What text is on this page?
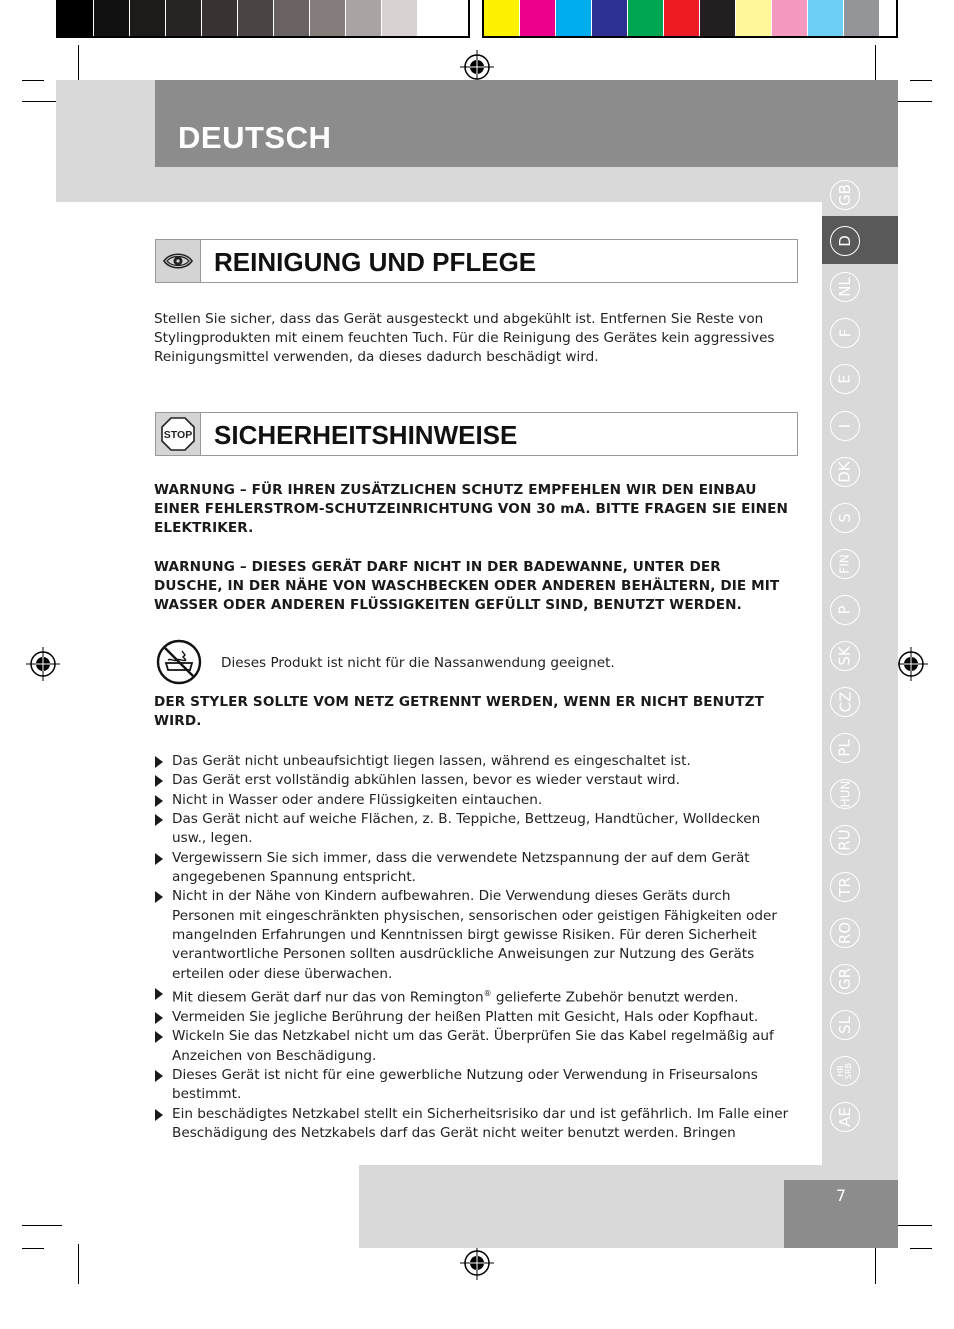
DEUTSCH
GB
D
NL
F
E
I
DK
S
FIN
P
SK
CZ
PL
HUN
RU
TR
RO
GR
SL
HR SRB
AE
7
REINIGUNG UND PFLEGE
Stellen Sie sicher, dass das Gerät ausgesteckt und abgekühlt ist. Entfernen Sie Reste von Stylingprodukten mit einem feuchten Tuch. Für die Reinigung des Gerätes kein aggressives Reinigungsmittel verwenden, da dieses dadurch beschädigt wird.
STOP SICHERHEITSHINWEISE
WARNUNG – FÜR IHREN ZUSÄTZLICHEN SCHUTZ EMPFEHLEN WIR DEN EINBAU EINER FEHLERSTROM-SCHUTZEINRICHTUNG VON 30 mA. BITTE FRAGEN SIE EINEN ELEKTRIKER.
WARNUNG – DIESES GERÄT DARF NICHT IN DER BADEWANNE, UNTER DER DUSCHE, IN DER NÄHE VON WASCHBECKEN ODER ANDEREN BEHÄLTERN, DIE MIT WASSER ODER ANDEREN FLÜSSIGKEITEN GEFÜLLT SIND, BENUTZT WERDEN.
Dieses Produkt ist nicht für die Nassanwendung geeignet.
DER STYLER SOLLTE VOM NETZ GETRENNT WERDEN, WENN ER NICHT BENUTZT WIRD.
Das Gerät nicht unbeaufsichtigt liegen lassen, während es eingeschaltet ist.
Das Gerät erst vollständig abkühlen lassen, bevor es wieder verstaut wird.
Nicht in Wasser oder andere Flüssigkeiten eintauchen.
Das Gerät nicht auf weiche Flächen, z. B. Teppiche, Bettzeug, Handtücher, Wolldecken usw., legen.
Vergewissern Sie sich immer, dass die verwendete Netzspannung der auf dem Gerät angegebenen Spannung entspricht.
Nicht in der Nähe von Kindern aufbewahren. Die Verwendung dieses Geräts durch Personen mit eingeschränkten physischen, sensorischen oder geistigen Fähigkeiten oder mangelnden Erfahrungen und Kenntnissen birgt gewisse Risiken. Für deren Sicherheit verantwortliche Personen sollten ausdrückliche Anweisungen zur Nutzung des Geräts erteilen oder diese überwachen.
Mit diesem Gerät darf nur das von Remington® gelieferte Zubehör benutzt werden.
Vermeiden Sie jegliche Berührung der heißen Platten mit Gesicht, Hals oder Kopfhaut.
Wickeln Sie das Netzkabel nicht um das Gerät. Überprüfen Sie das Kabel regelmäßig auf Anzeichen von Beschädigung.
Dieses Gerät ist nicht für eine gewerbliche Nutzung oder Verwendung in Friseursalons bestimmt.
Ein beschädigtes Netzkabel stellt ein Sicherheitsrisiko dar und ist gefährlich. Im Falle einer Beschädigung des Netzkabels darf das Gerät nicht weiter benutzt werden. Bringen
